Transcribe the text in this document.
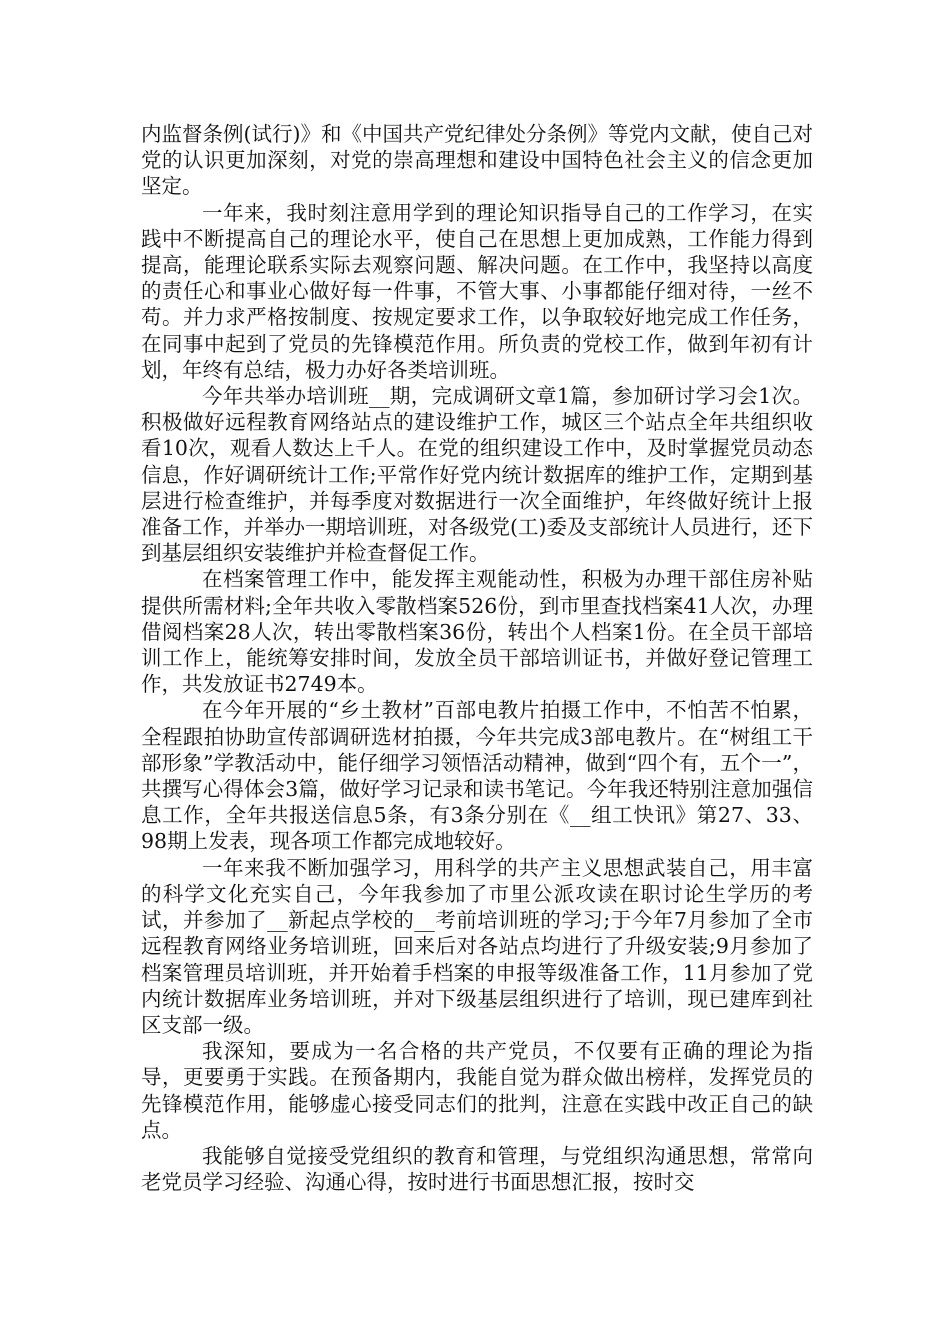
内监督条例(试行)》和《中国共产党纪律处分条例》等党内文献，使自己对党的认识更加深刻，对党的崇高理想和建设中国特色社会主义的信念更加坚定。

一年来，我时刻注意用学到的理论知识指导自己的工作学习，在实践中不断提高自己的理论水平，使自己在思想上更加成熟，工作能力得到提高，能理论联系实际去观察问题、解决问题。在工作中，我坚持以高度的责任心和事业心做好每一件事，不管大事、小事都能仔细对待，一丝不苟。并力求严格按制度、按规定要求工作，以争取较好地完成工作任务，在同事中起到了党员的先锋模范作用。所负责的党校工作，做到年初有计划，年终有总结，极力办好各类培训班。

今年共举办培训班__期，完成调研文章1篇，参加研讨学习会1次。积极做好远程教育网络站点的建设维护工作，城区三个站点全年共组织收看10次，观看人数达上千人。在党的组织建设工作中，及时掌握党员动态信息，作好调研统计工作;平常作好党内统计数据库的维护工作，定期到基层进行检查维护，并每季度对数据进行一次全面维护，年终做好统计上报准备工作，并举办一期培训班，对各级党(工)委及支部统计人员进行，还下到基层组织安装维护并检查督促工作。

在档案管理工作中，能发挥主观能动性，积极为办理干部住房补贴提供所需材料;全年共收入零散档案526份，到市里查找档案41人次，办理借阅档案28人次，转出零散档案36份，转出个人档案1份。在全员干部培训工作上，能统筹安排时间，发放全员干部培训证书，并做好登记管理工作，共发放证书2749本。

在今年开展的“乡土教材”百部电教片拍摄工作中，不怕苦不怕累，全程跟拍协助宣传部调研选材拍摄，今年共完成3部电教片。在“树组工干部形象”学教活动中，能仔细学习领悟活动精神，做到“四个有，五个一”，共撰写心得体会3篇，做好学习记录和读书笔记。今年我还特别注意加强信息工作，全年共报送信息5条，有3条分别在《__组工快讯》第27、33、98期上发表，现各项工作都完成地较好。

一年来我不断加强学习，用科学的共产主义思想武装自己，用丰富的科学文化充实自己，今年我参加了市里公派攻读在职讨论生学历的考试，并参加了__新起点学校的__考前培训班的学习;于今年7月参加了全市远程教育网络业务培训班，回来后对各站点均进行了升级安装;9月参加了档案管理员培训班，并开始着手档案的申报等级准备工作，11月参加了党内统计数据库业务培训班，并对下级基层组织进行了培训，现已建库到社区支部一级。

我深知，要成为一名合格的共产党员，不仅要有正确的理论为指导，更要勇于实践。在预备期内，我能自觉为群众做出榜样，发挥党员的先锋模范作用，能够虚心接受同志们的批判，注意在实践中改正自己的缺点。

我能够自觉接受党组织的教育和管理，与党组织沟通思想，常常向老党员学习经验、沟通心得，按时进行书面思想汇报，按时交
